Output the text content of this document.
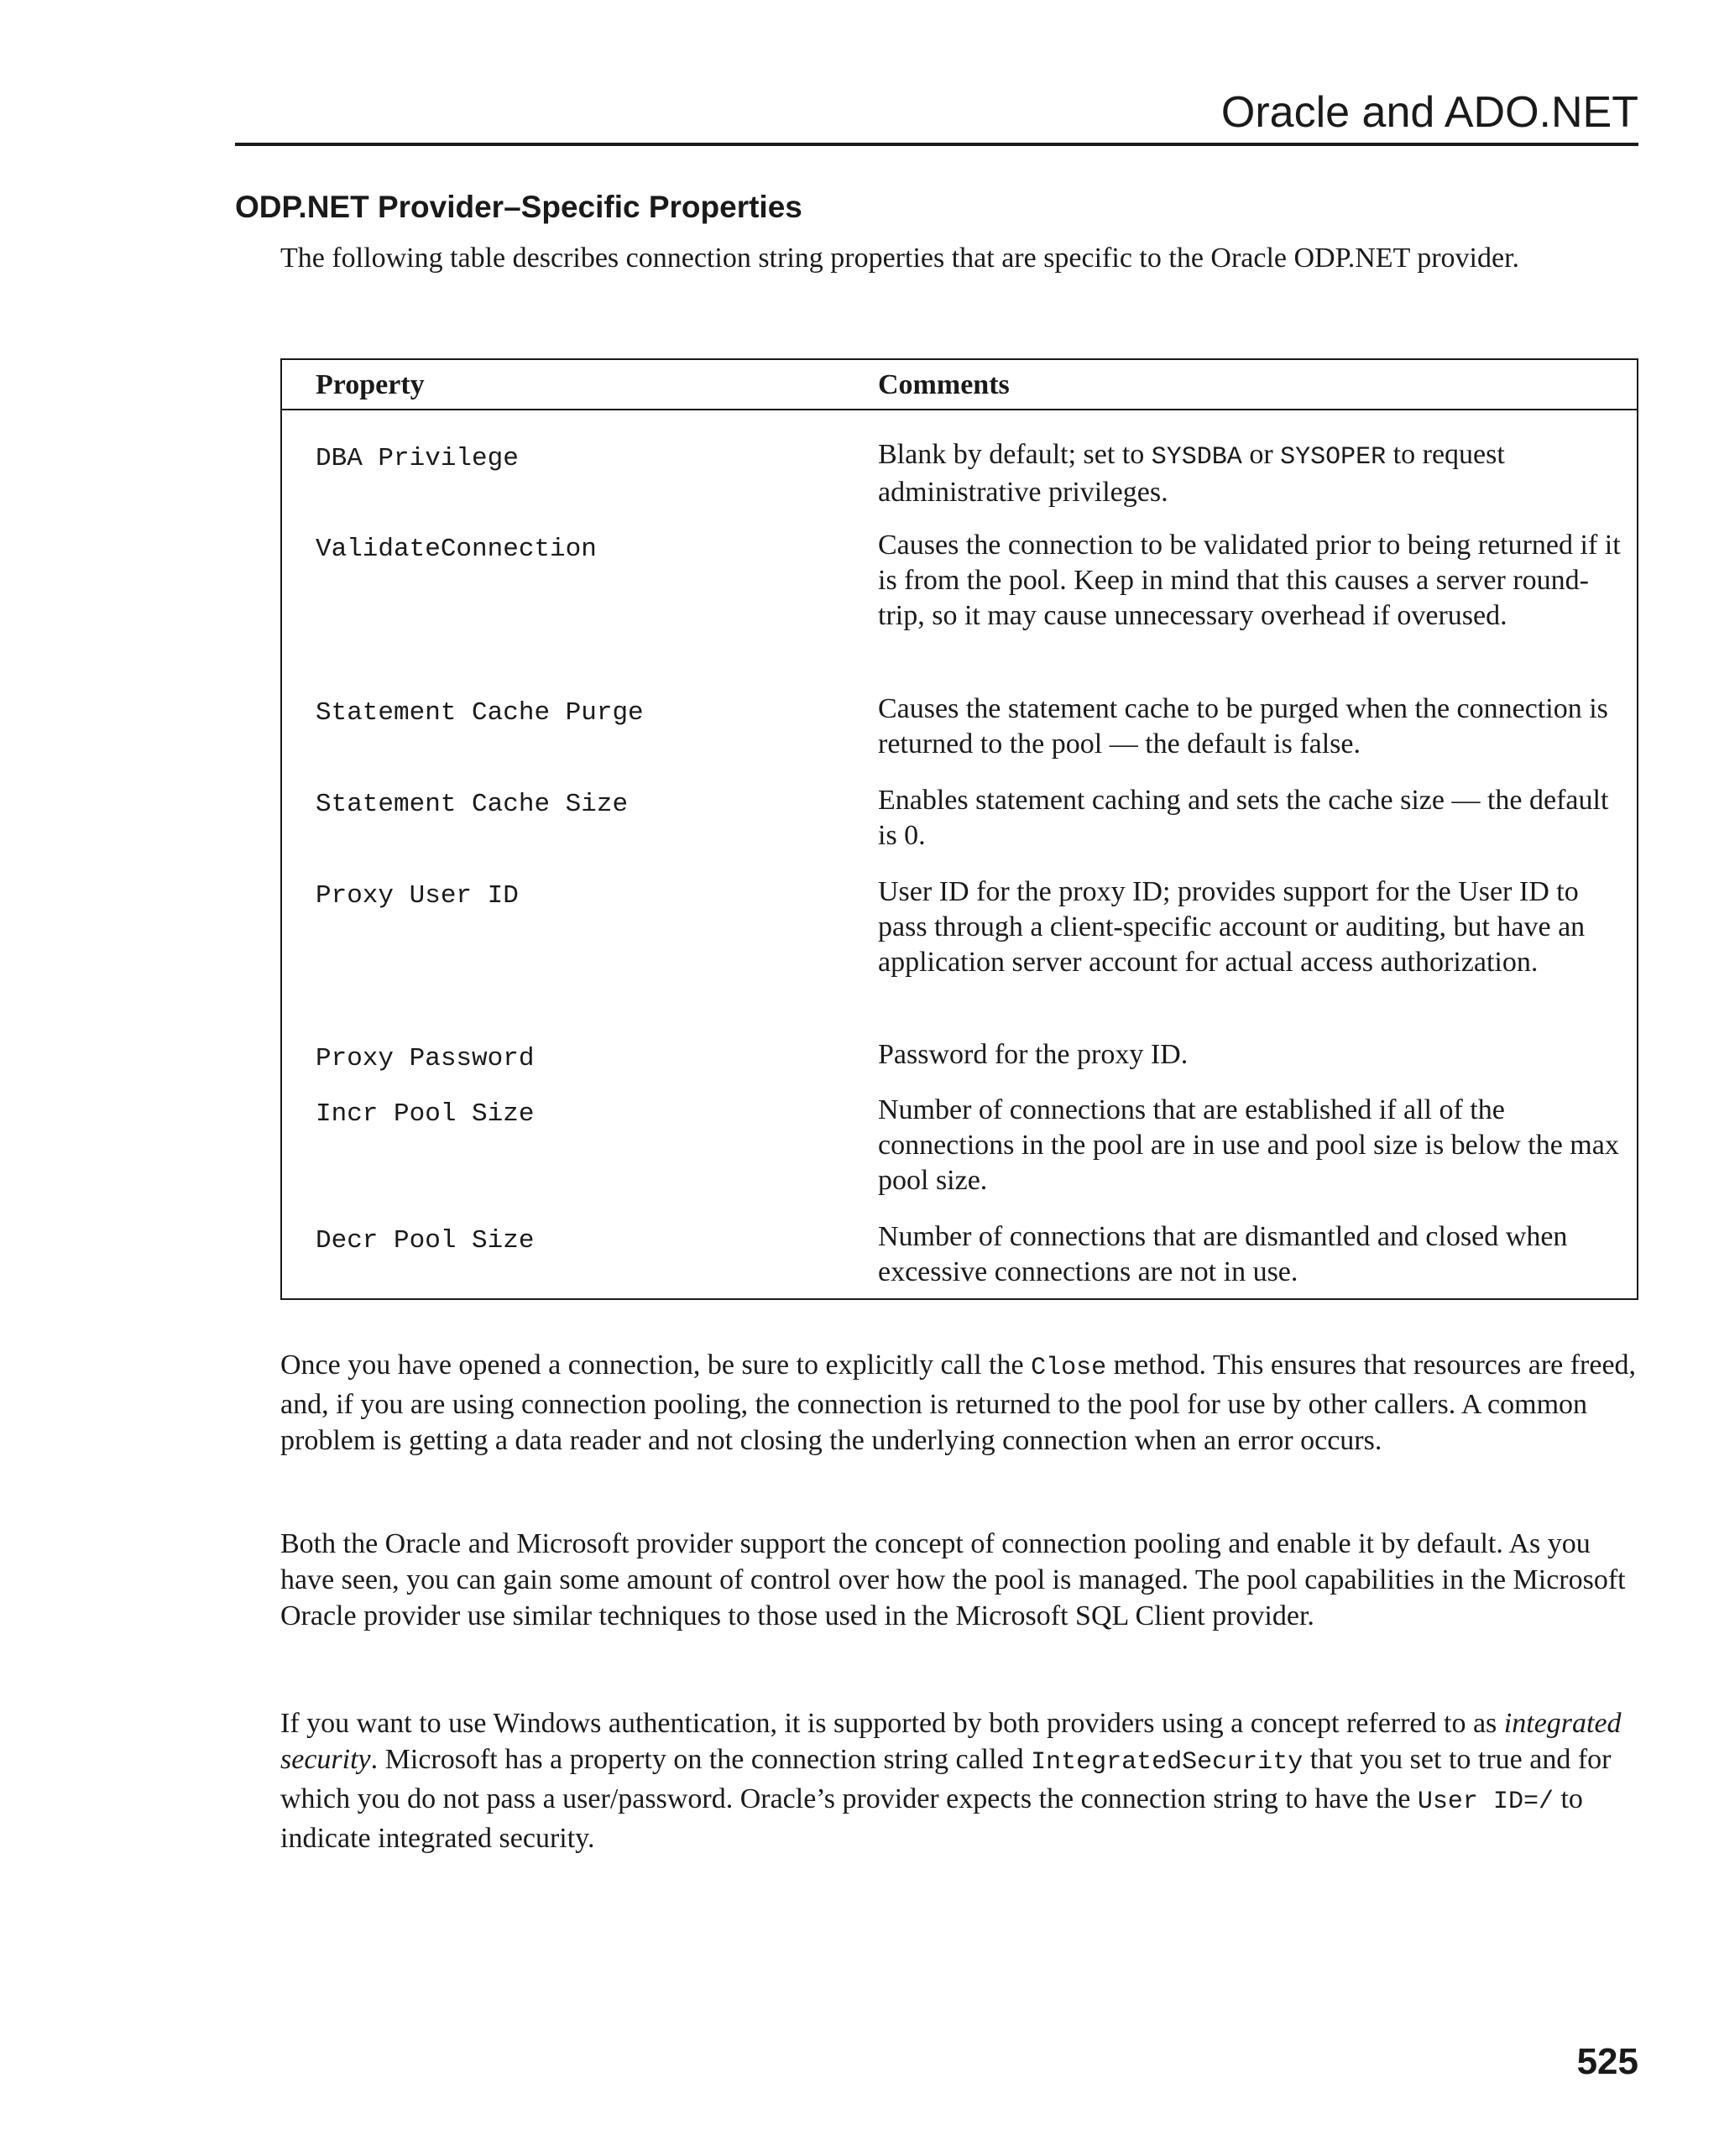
Oracle and ADO.NET
ODP.NET Provider–Specific Properties

The following table describes connection string properties that are specific to the Oracle ODP.NET provider.

Property	Comments
DBA Privilege	Blank by default; set to SYSDBA or SYSOPER to request administrative privileges.
ValidateConnection	Causes the connection to be validated prior to being returned if it is from the pool. Keep in mind that this causes a server round-trip, so it may cause unnecessary overhead if overused.
Statement Cache Purge	Causes the statement cache to be purged when the connection is returned to the pool — the default is false.
Statement Cache Size	Enables statement caching and sets the cache size — the default is 0.
Proxy User ID	User ID for the proxy ID; provides support for the User ID to pass through a client-specific account or auditing, but have an application server account for actual access authorization.
Proxy Password	Password for the proxy ID.
Incr Pool Size	Number of connections that are established if all of the connections in the pool are in use and pool size is below the max pool size.
Decr Pool Size	Number of connections that are dismantled and closed when excessive connections are not in use.

Once you have opened a connection, be sure to explicitly call the Close method. This ensures that resources are freed, and, if you are using connection pooling, the connection is returned to the pool for use by other callers. A common problem is getting a data reader and not closing the underlying connection when an error occurs.

Both the Oracle and Microsoft provider support the concept of connection pooling and enable it by default. As you have seen, you can gain some amount of control over how the pool is managed. The pool capabilities in the Microsoft Oracle provider use similar techniques to those used in the Microsoft SQL Client provider.

If you want to use Windows authentication, it is supported by both providers using a concept referred to as integrated security. Microsoft has a property on the connection string called IntegratedSecurity that you set to true and for which you do not pass a user/password. Oracle’s provider expects the connection string to have the User ID=/ to indicate integrated security.

525
